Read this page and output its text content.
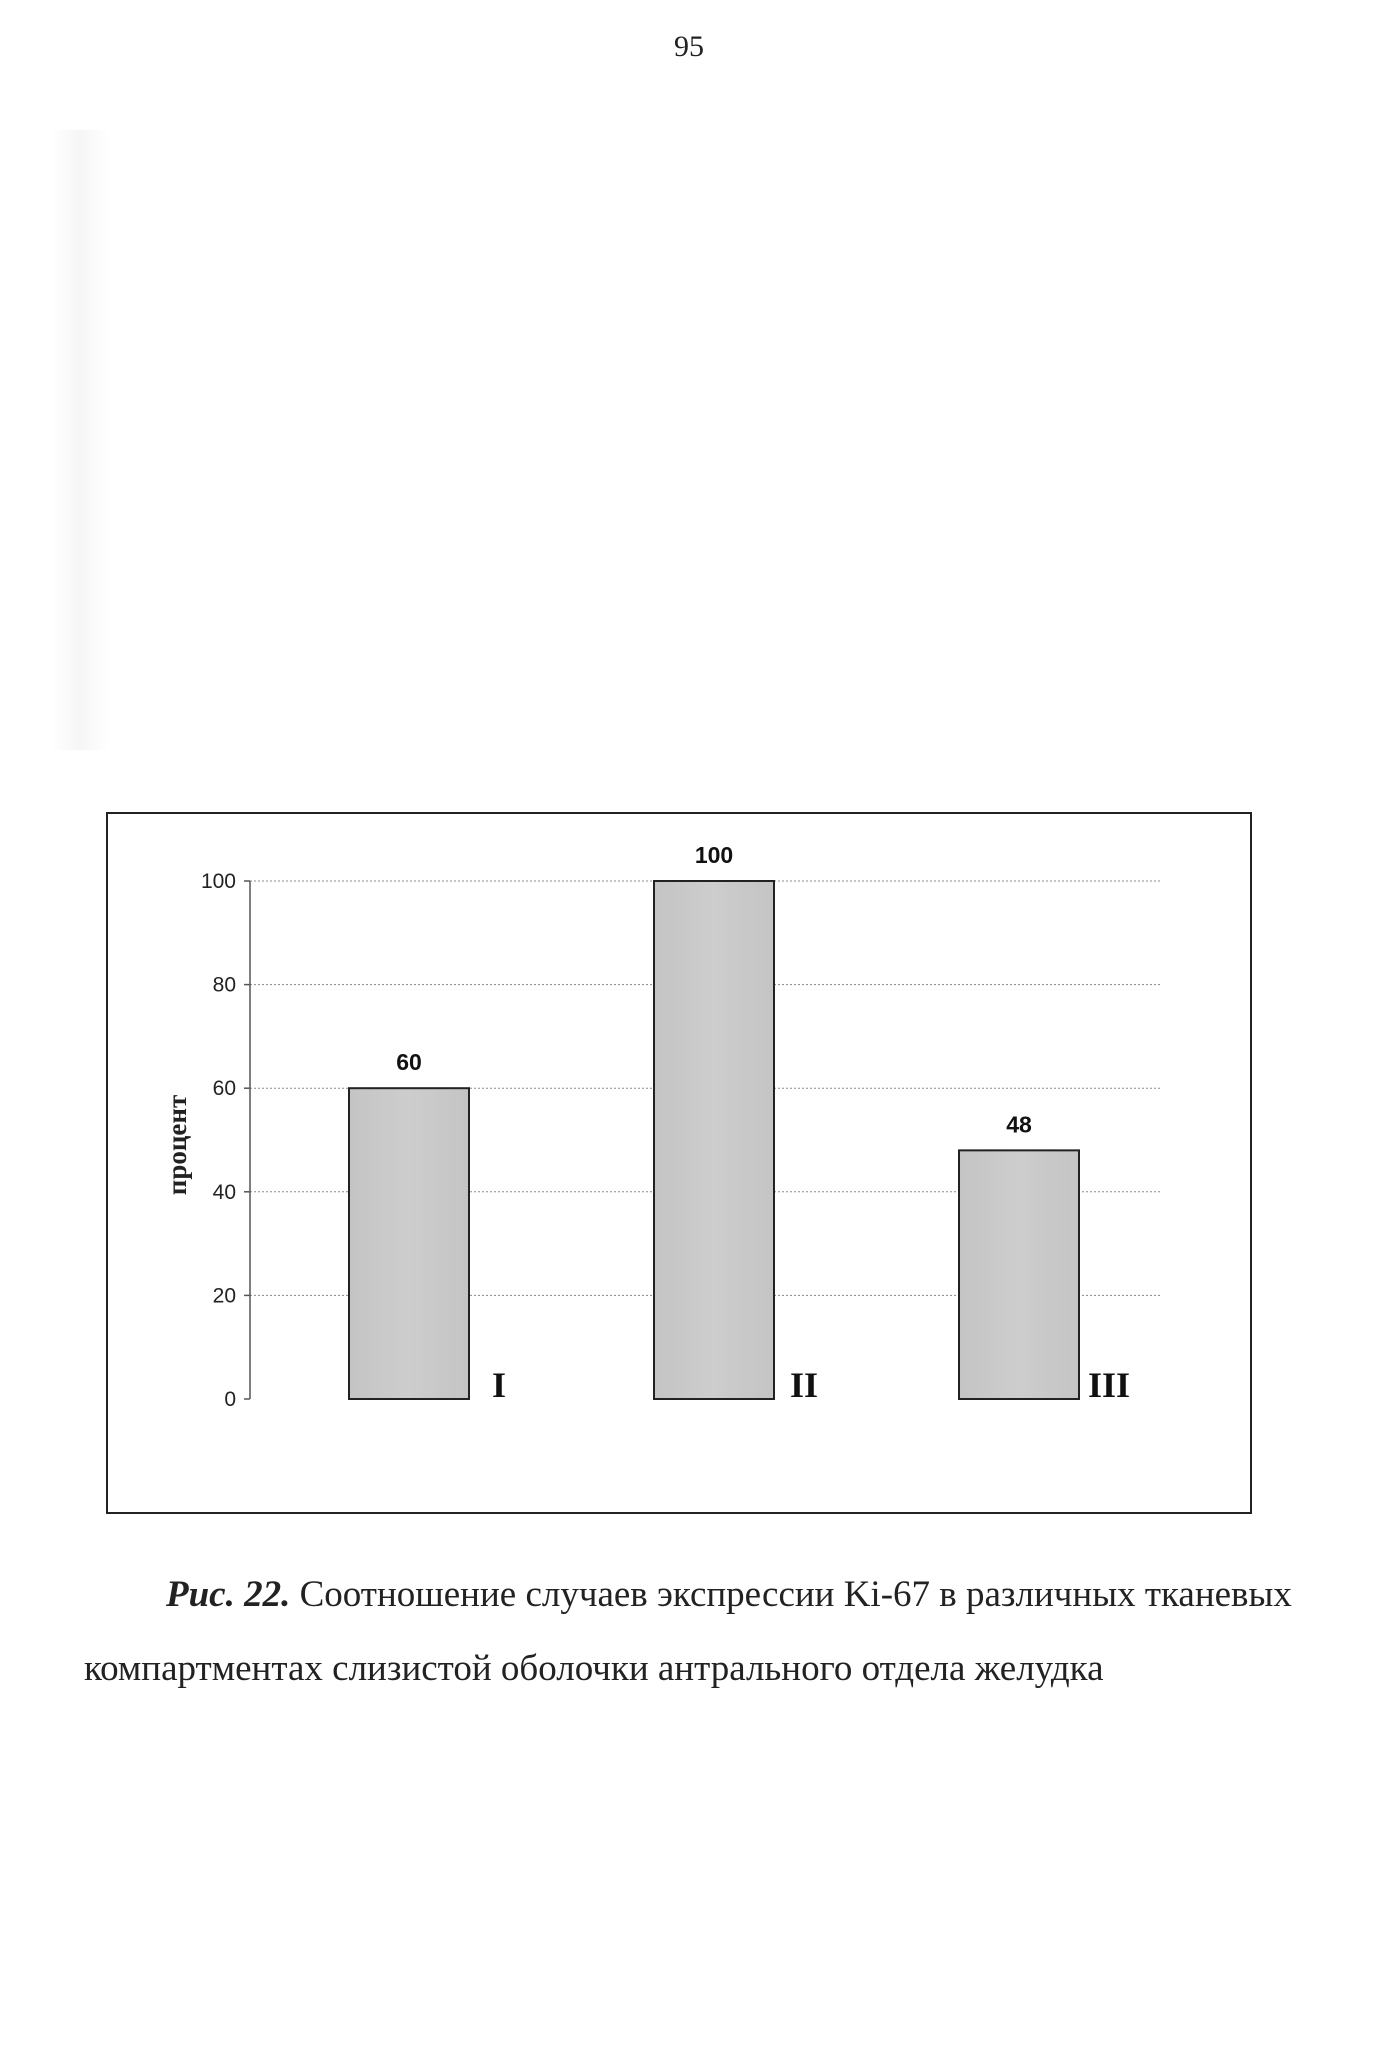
95
0
20
40
60
80
100
процент
60
I
100
II
48
III
Рис. 22. Соотношение случаев экспрессии Ki-67 в различных тканевых
компартментах слизистой оболочки антрального отдела желудка
